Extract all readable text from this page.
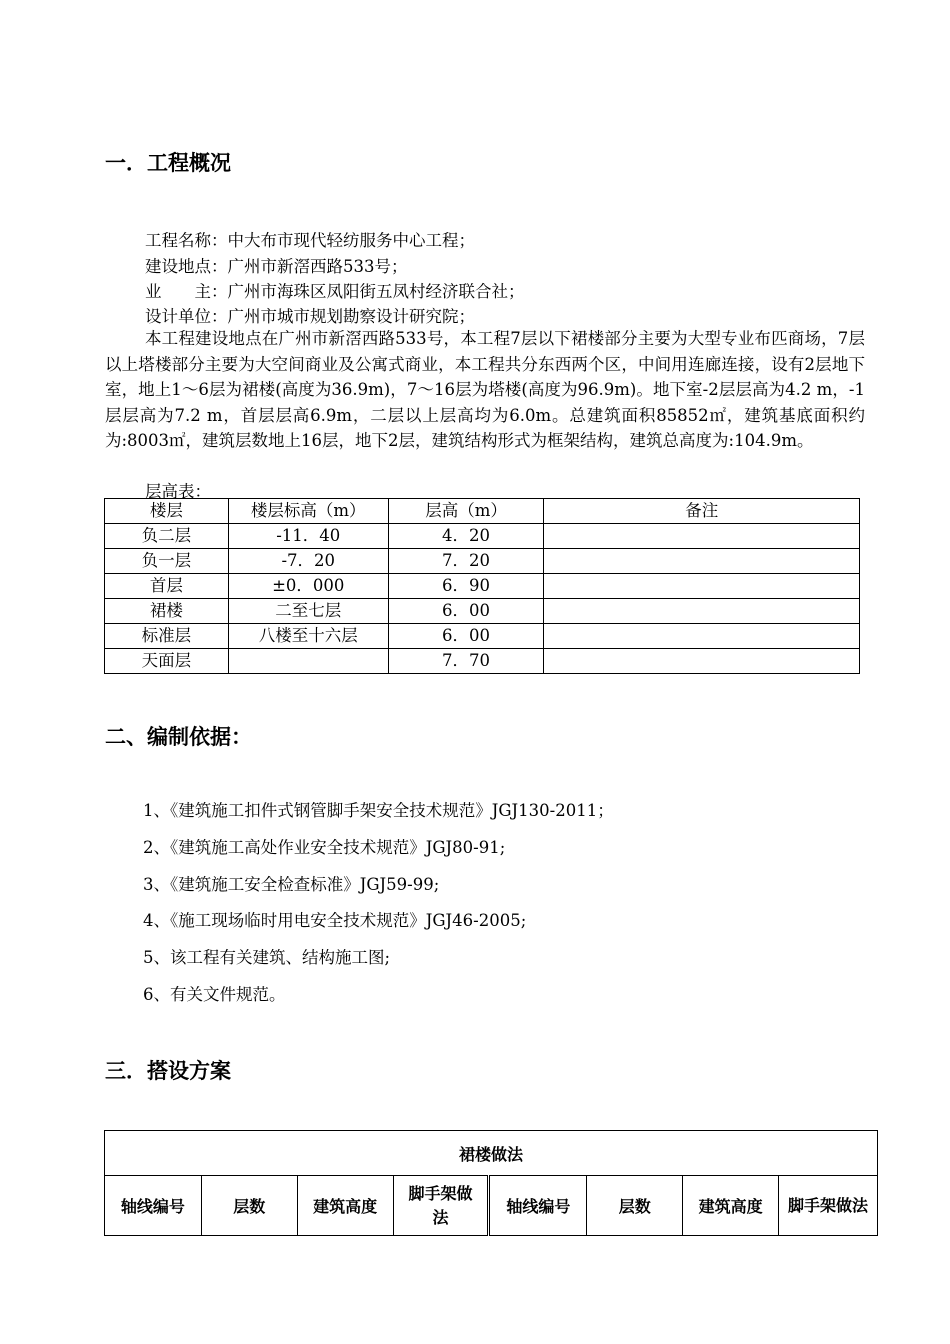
一．工程概况
工程名称：中大布市现代轻纺服务中心工程；
建设地点：广州市新滘西路533号；
业　　主：广州市海珠区凤阳街五凤村经济联合社；
设计单位：广州市城市规划勘察设计研究院；
本工程建设地点在广州市新滘西路533号，本工程7层以下裙楼部分主要为大型专业布匹商场，7层以上塔楼部分主要为大空间商业及公寓式商业，本工程共分东西两个区，中间用连廊连接，设有2层地下室，地上1～6层为裙楼(高度为36.9m)，7～16层为塔楼(高度为96.9m)。地下室-2层层高为4.2 m，-1层层高为7.2 m，首层层高6.9m，二层以上层高均为6.0m。总建筑面积85852㎡，建筑基底面积约为:8003㎡，建筑层数地上16层，地下2层，建筑结构形式为框架结构，建筑总高度为:104.9m。
层高表：
楼层	楼层标高（m）	层高（m）	备注
负二层	-11．40	4．20	
负一层	-7．20	7．20	
首层	±0．000	6．90	
裙楼	二至七层	6．00	
标准层	八楼至十六层	6．00	
天面层		7．70	
二、编制依据：
1、《建筑施工扣件式钢管脚手架安全技术规范》JGJ130-2011；
2、《建筑施工高处作业安全技术规范》JGJ80-91;
3、《建筑施工安全检查标准》JGJ59-99;
4、《施工现场临时用电安全技术规范》JGJ46-2005;
5、该工程有关建筑、结构施工图;
6、有关文件规范。
三．搭设方案
裙楼做法
轴线编号	层数	建筑高度	脚手架做法	轴线编号	层数	建筑高度	脚手架做法
